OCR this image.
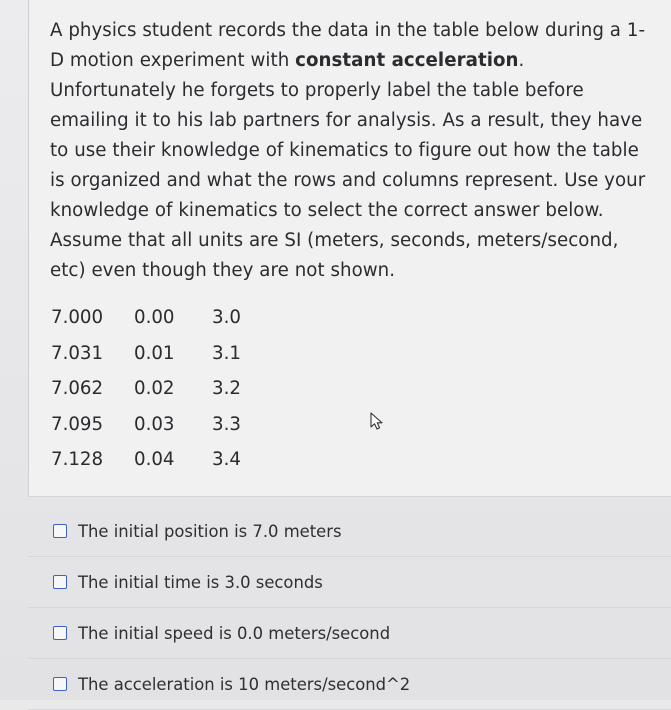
A physics student records the data in the table below during a 1-D motion experiment with constant acceleration. Unfortunately he forgets to properly label the table before emailing it to his lab partners for analysis. As a result, they have to use their knowledge of kinematics to figure out how the table is organized and what the rows and columns represent. Use your knowledge of kinematics to select the correct answer below. Assume that all units are SI (meters, seconds, meters/second, etc) even though they are not shown.
7.000	0.00	3.0
7.031	0.01	3.1
7.062	0.02	3.2
7.095	0.03	3.3
7.128	0.04	3.4
The initial position is 7.0 meters
The initial time is 3.0 seconds
The initial speed is 0.0 meters/second
The acceleration is 10 meters/second^2
